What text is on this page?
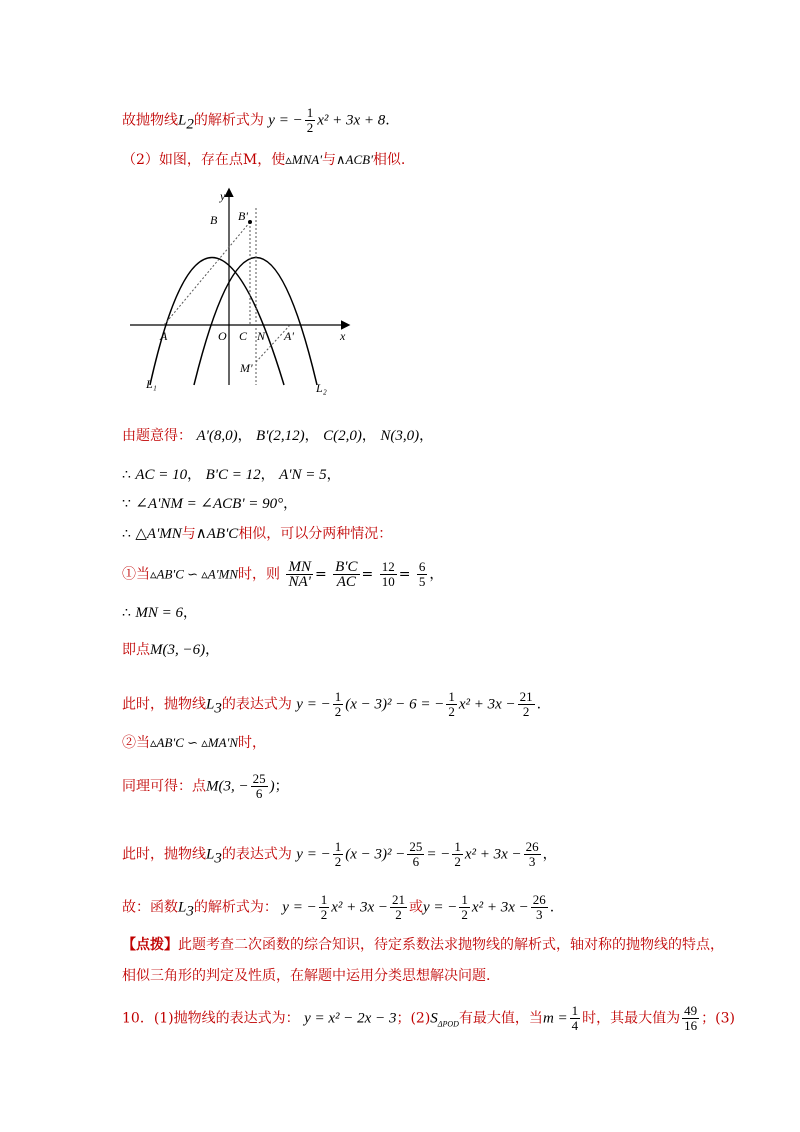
故抛物线$L_2$的解析式为 y = − $\frac{1}{2} x^2 + 3x + 8$.
（2）如图，存在点M，使▵MNA'与∧ACB'相似.
y
x
B B'
A	O C N A'
M'
L₁	L₂
由题意得： A'(8,0)， B'(2,12)， C(2,0)， N(3,0)，
∴ AC = 10， B'C = 12， A'N = 5，
∵ ∠A'NM = ∠ACB' = 90°，
∴ △A'MN与∧AB'C相似，可以分两种情况：
①当▵AB'C ∽ ▵A'MN时，则 $\frac{MN}{NA'} = \frac{B'C}{AC} = \frac{12}{10} = \frac{6}{5}$ ，
∴ MN = 6，
即点M(3, −6)，
此时，抛物线$L_3$的表达式为 y = − $\frac{1}{2} (x - 3)^2 - 6$ = − $\frac{1}{2} x^2 + 3x - \frac{21}{2}$ .
②当▵AB'C ∽ ▵MA'N时，
同理可得：点M(3, − $\frac{25}{6}$ )；
此时，抛物线$L_3$的表达式为 y = − $\frac{1}{2} (x - 3)^2 - \frac{25}{6}$ = − $\frac{1}{2} x^2 + 3x - \frac{26}{3}$ ，
故：函数$L_3$的解析式为： y = − $\frac{1}{2} x^2 + 3x - \frac{21}{2}$ 或y = − $\frac{1}{2} x^2 + 3x - \frac{26}{3}$ .
【点拨】此题考查二次函数的综合知识，待定系数法求抛物线的解析式，轴对称的抛物线的特点，
相似三角形的判定及性质，在解题中运用分类思想解决问题.
10．(1)抛物线的表达式为： y = x² − 2x − 3；$(2)S_{\Delta POD}$有最大值，当$m = \frac{1}{4}$ 时，其最大值为 $\frac{49}{16}$ ；(3)
